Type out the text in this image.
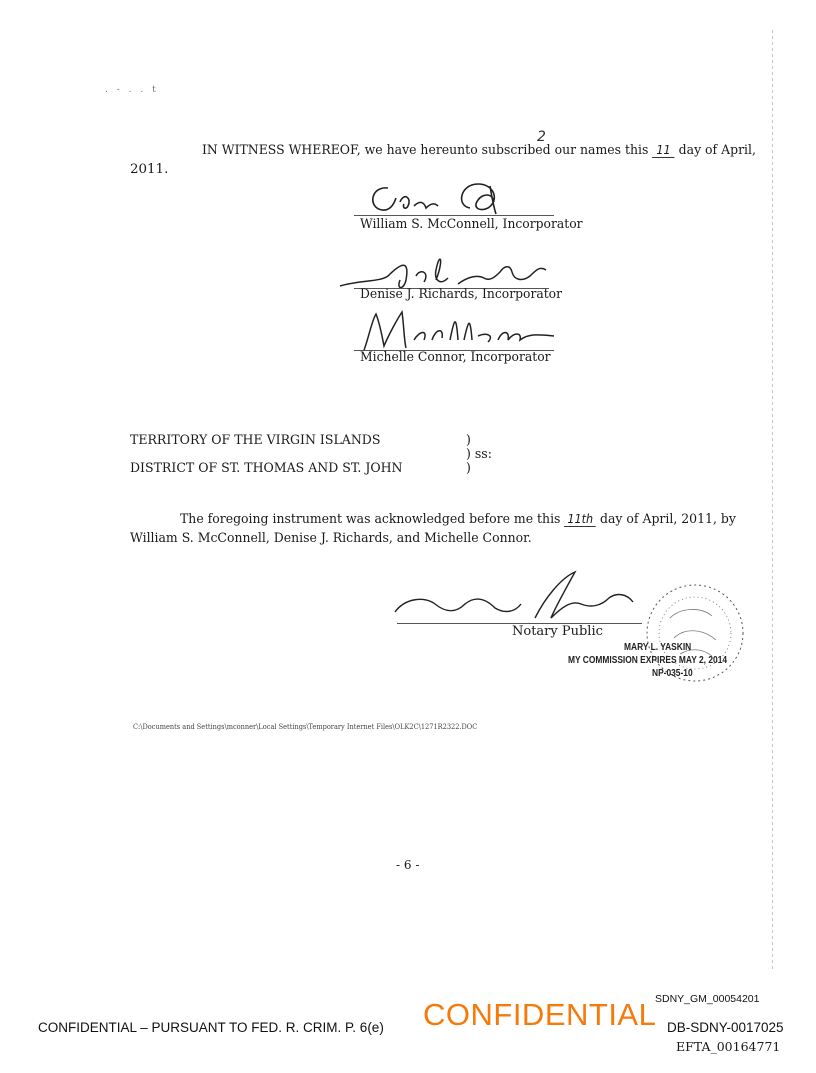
. - . . t
IN WITNESS WHEREOF, we have hereunto subscribed our names this 11 day of April,
2
2011.
William S. McConnell, Incorporator
Denise J. Richards, Incorporator
Michelle Connor, Incorporator
TERRITORY OF THE VIRGIN ISLANDS
DISTRICT OF ST. THOMAS AND ST. JOHN
)
) ss:
)
The foregoing instrument was acknowledged before me this 11th day of April, 2011, by
William S. McConnell, Denise J. Richards, and Michelle Connor.
Notary Public
MARY L. YASKIN
MY COMMISSION EXPIRES MAY 2, 2014
NP-035-10
C:\Documents and Settings\mconner\Local Settings\Temporary Internet Files\OLK2C\1271R2322.DOC
- 6 -
SDNY_GM_00054201
CONFIDENTIAL
CONFIDENTIAL – PURSUANT TO FED. R. CRIM. P. 6(e)	DB-SDNY-0017025
EFTA_00164771
